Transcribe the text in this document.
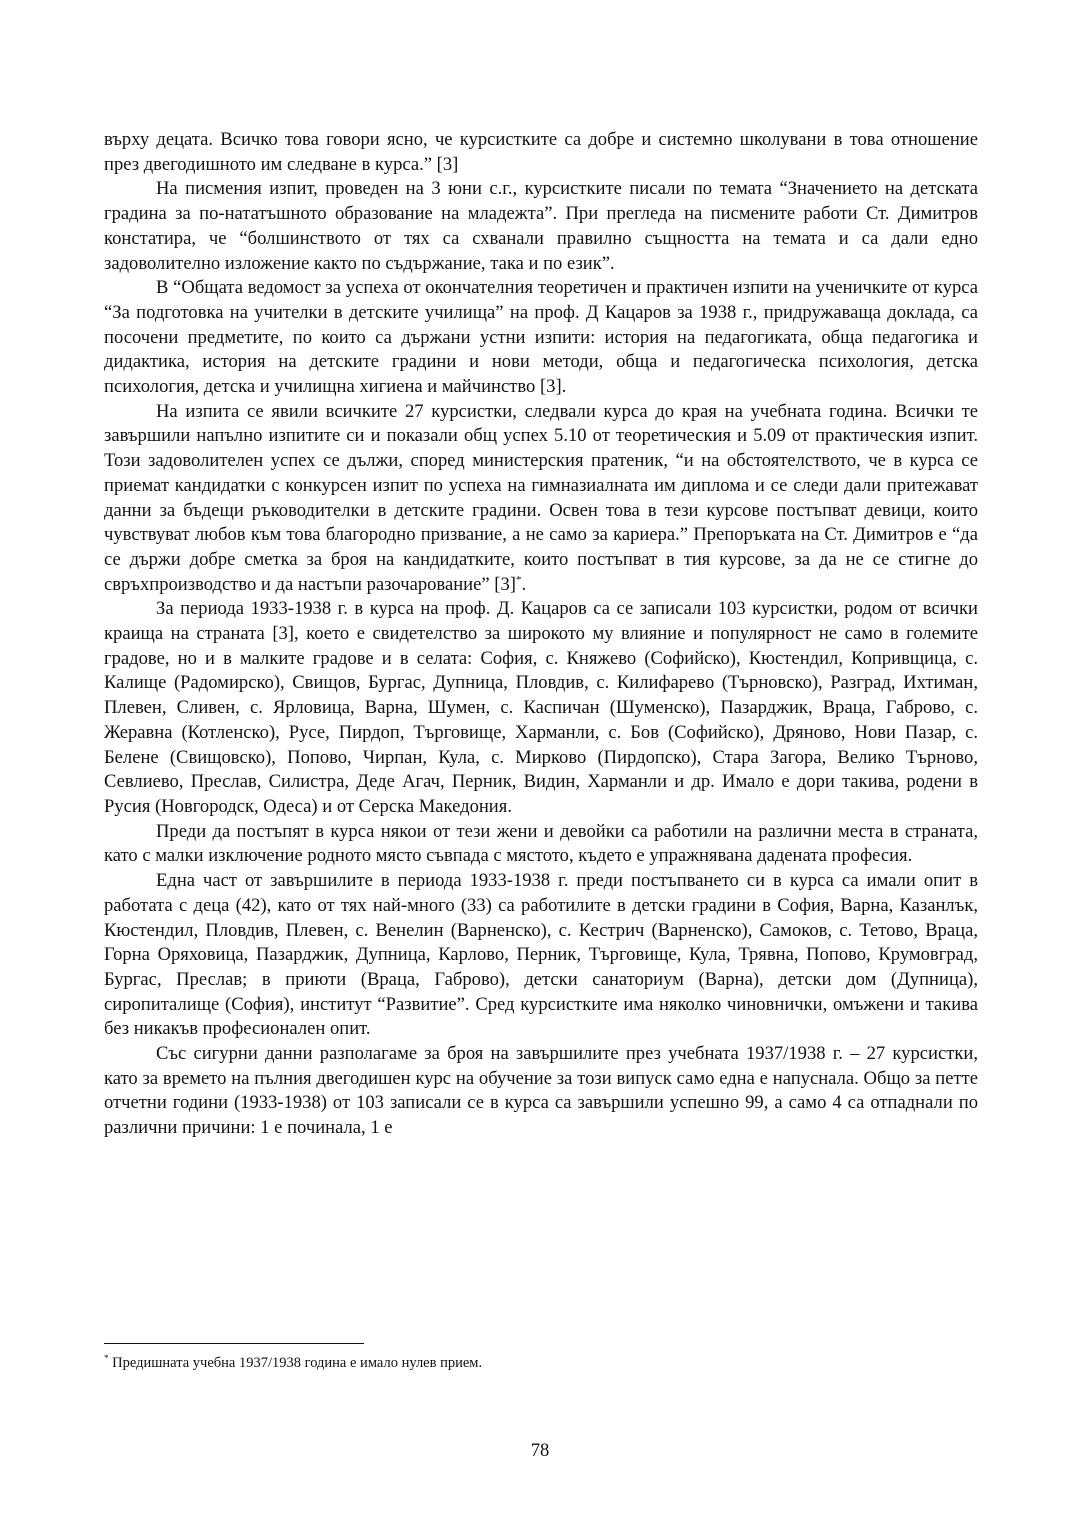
върху децата. Всичко това говори ясно, че курсистките са добре и системно школувани в това отношение през двегодишното им следване в курса.” [3]

На писмения изпит, проведен на 3 юни с.г., курсистките писали по темата “Значението на детската градина за по-нататъшното образование на младежта”. При прегледа на писмените работи Ст. Димитров констатира, че “болшинството от тях са схванали правилно същността на темата и са дали едно задоволително изложение както по съдържание, така и по език”.

В “Общата ведомост за успеха от окончателния теоретичен и практичен изпити на ученичките от курса “За подготовка на учителки в детските училища” на проф. Д Кацаров за 1938 г., придружаваща доклада, са посочени предметите, по които са държани устни изпити: история на педагогиката, обща педагогика и дидактика, история на детските градини и нови методи, обща и педагогическа психология, детска психология, детска и училищна хигиена и майчинство [3].

На изпита се явили всичките 27 курсистки, следвали курса до края на учебната година. Всички те завършили напълно изпитите си и показали общ успех 5.10 от теоретическия и 5.09 от практическия изпит. Този задоволителен успех се дължи, според министерския пратеник, “и на обстоятелството, че в курса се приемат кандидатки с конкурсен изпит по успеха на гимназиалната им диплома и се следи дали притежават данни за бъдещи ръководителки в детските градини. Освен това в тези курсове постъпват девици, които чувствуват любов към това благородно призвание, а не само за кариера.” Препоръката на Ст. Димитров е “да се държи добре сметка за броя на кандидатките, които постъпват в тия курсове, за да не се стигне до свръхпроизводство и да настъпи разочарование” [3]*.

За периода 1933-1938 г. в курса на проф. Д. Кацаров са се записали 103 курсистки, родом от всички краища на страната [3], което е свидетелство за широкото му влияние и популярност не само в големите градове, но и в малките градове и в селата: София, с. Княжево (Софийско), Кюстендил, Копривщица, с. Калище (Радомирско), Свищов, Бургас, Дупница, Пловдив, с. Килифарево (Търновско), Разград, Ихтиман, Плевен, Сливен, с. Ярловица, Варна, Шумен, с. Каспичан (Шуменско), Пазарджик, Враца, Габрово, с. Жеравна (Котленско), Русе, Пирдоп, Търговище, Харманли, с. Бов (Софийско), Дряново, Нови Пазар, с. Белене (Свищовско), Попово, Чирпан, Кула, с. Мирково (Пирдопско), Стара Загора, Велико Търново, Севлиево, Преслав, Силистра, Деде Агач, Перник, Видин, Харманли и др. Имало е дори такива, родени в Русия (Новгородск, Одеса) и от Серска Македония.

Преди да постъпят в курса някои от тези жени и девойки са работили на различни места в страната, като с малки изключение родното място съвпада с мястото, където е упражнявана дадената професия.

Една част от завършилите в периода 1933-1938 г. преди постъпването си в курса са имали опит в работата с деца (42), като от тях най-много (33) са работилите в детски градини в София, Варна, Казанлък, Кюстендил, Пловдив, Плевен, с. Венелин (Варненско), с. Кестрич (Варненско), Самоков, с. Тетово, Враца, Горна Оряховица, Пазарджик, Дупница, Карлово, Перник, Търговище, Кула, Трявна, Попово, Крумовград, Бургас, Преслав; в приюти (Враца, Габрово), детски санаториум (Варна), детски дом (Дупница), сиропиталище (София), институт “Развитие”. Сред курсистките има няколко чиновнички, омъжени и такива без никакъв професионален опит.

Със сигурни данни разполагаме за броя на завършилите през учебната 1937/1938 г. – 27 курсистки, като за времето на пълния двегодишен курс на обучение за този випуск само една е напуснала. Общо за петте отчетни години (1933-1938) от 103 записали се в курса са завършили успешно 99, а само 4 са отпаднали по различни причини: 1 е починала, 1 е

* Предишната учебна 1937/1938 година е имало нулев прием.
78
